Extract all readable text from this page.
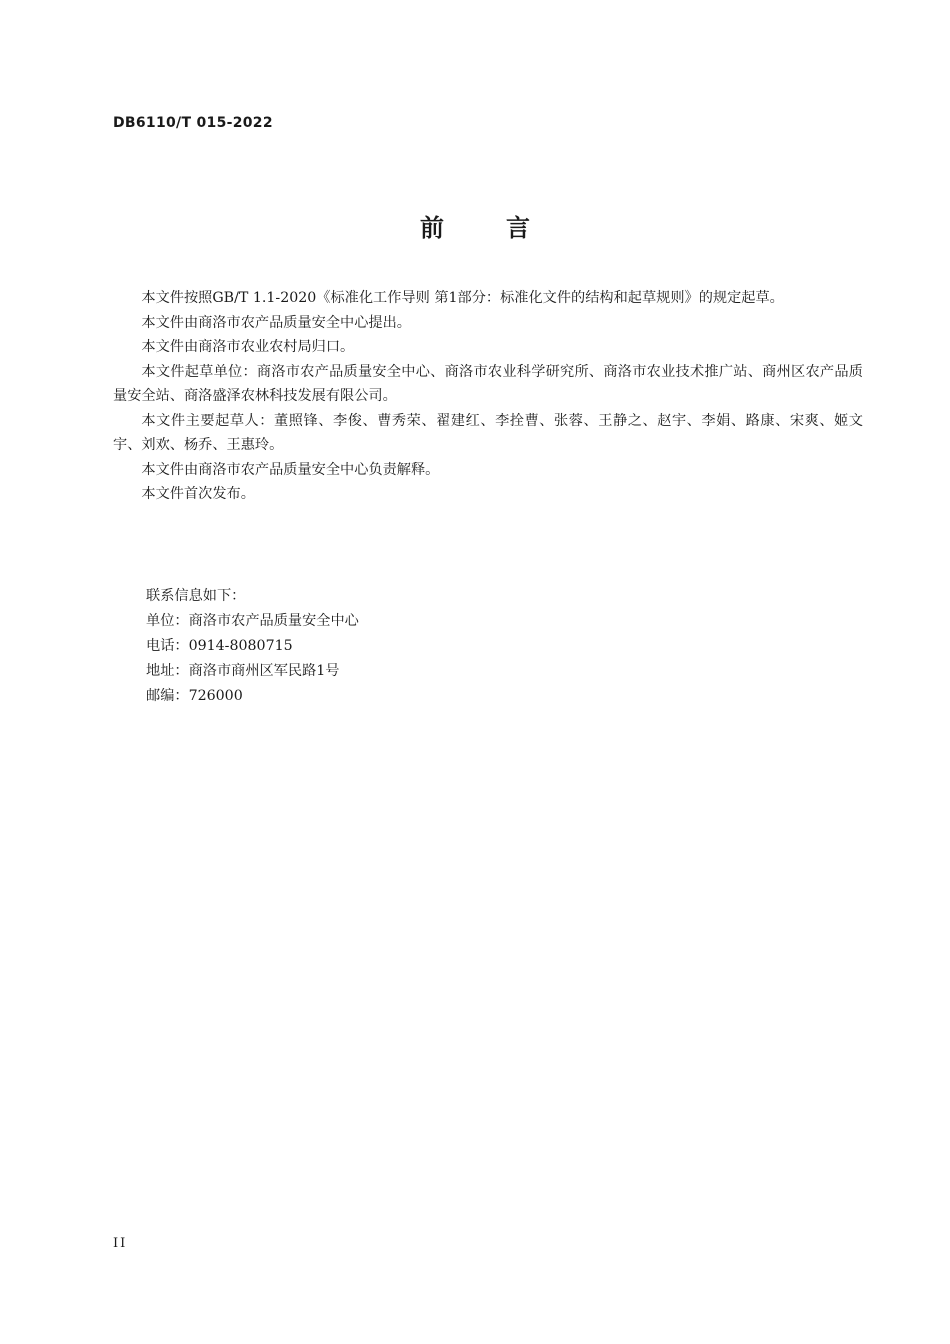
DB6110/T 015-2022
前	言

本文件按照GB/T 1.1-2020《标准化工作导则 第1部分：标准化文件的结构和起草规则》的规定起草。

本文件由商洛市农产品质量安全中心提出。

本文件由商洛市农业农村局归口。

本文件起草单位：商洛市农产品质量安全中心、商洛市农业科学研究所、商洛市农业技术推广站、商州区农产品质量安全站、商洛盛泽农林科技发展有限公司。

本文件主要起草人：董照锋、李俊、曹秀荣、翟建红、李拴曹、张蓉、王静之、赵宇、李娟、路康、宋爽、姬文宇、刘欢、杨乔、王惠玲。

本文件由商洛市农产品质量安全中心负责解释。

本文件首次发布。

联系信息如下：
单位：商洛市农产品质量安全中心
电话：0914-8080715
地址：商洛市商州区军民路1号
邮编：726000
II
